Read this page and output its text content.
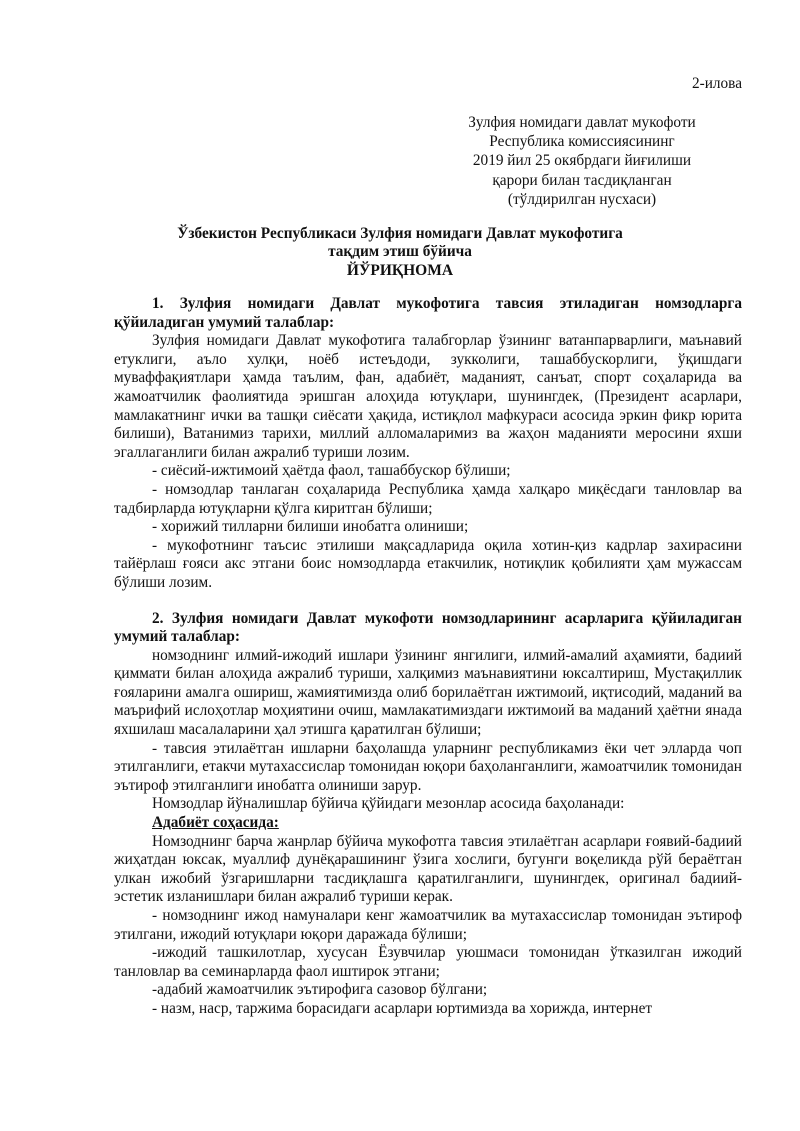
2-илова
Зулфия номидаги давлат мукофоти
Республика комиссиясининг
2019 йил 25 окябрдаги йиғилиши
қарори билан тасдиқланган
(тўлдирилган нусхаси)
Ўзбекистон Республикаси Зулфия номидаги Давлат мукофотига
тақдим этиш бўйича
ЙЎРИҚНОМА

1. Зулфия номидаги Давлат мукофотига тавсия этиладиган номзодларга қўйиладиган умумий талаблар:

Зулфия номидаги Давлат мукофотига талабгорлар ўзининг ватанпарварлиги, маънавий етуклиги, аъло хулқи, ноёб истеъдоди, зукколиги, ташаббускорлиги, ўқишдаги муваффақиятлари ҳамда таълим, фан, адабиёт, маданият, санъат, спорт соҳаларида ва жамоатчилик фаолиятида эришган алоҳида ютуқлари, шунингдек, (Президент асарлари, мамлакатнинг ички ва ташқи сиёсати ҳақида, истиқлол мафкураси асосида эркин фикр юрита билиши), Ватанимиз тарихи, миллий алломаларимиз ва жаҳон маданияти меросини яхши эгаллаганлиги билан ажралиб туриши лозим.

- сиёсий-ижтимоий ҳаётда фаол, ташаббускор бўлиши;

- номзодлар танлаган соҳаларида Республика ҳамда халқаро миқёсдаги танловлар ва тадбирларда ютуқларни қўлга киритган бўлиши;

- хорижий тилларни билиши инобатга олиниши;

- мукофотнинг таъсис этилиши мақсадларида оқила хотин-қиз кадрлар захирасини тайёрлаш ғояси акс этгани боис номзодларда етакчилик, нотиқлик қобилияти ҳам мужассам бўлиши лозим.

2. Зулфия номидаги Давлат мукофоти номзодларининг асарларига қўйиладиган умумий талаблар:

номзоднинг илмий-ижодий ишлари ўзининг янгилиги, илмий-амалий аҳамияти, бадиий қиммати билан алоҳида ажралиб туриши, халқимиз маънавиятини юксалтириш, Мустақиллик ғояларини амалга ошириш, жамиятимизда олиб борилаётган ижтимоий, иқтисодий, маданий ва маърифий ислоҳотлар моҳиятини очиш, мамлакатимиздаги ижтимоий ва маданий ҳаётни янада яхшилаш масалаларини ҳал этишга қаратилган бўлиши;

- тавсия этилаётган ишларни баҳолашда уларнинг республикамиз ёки чет элларда чоп этилганлиги, етакчи мутахассислар томонидан юқори баҳоланганлиги, жамоатчилик томонидан эътироф этилганлиги инобатга олиниши зарур.

Номзодлар йўналишлар бўйича қўйидаги мезонлар асосида баҳоланади:

Адабиёт соҳасида:

Номзоднинг барча жанрлар бўйича мукофотга тавсия этилаётган асарлари ғоявий-бадиий жиҳатдан юксак, муаллиф дунёқарашининг ўзига хослиги, бугунги воқеликда рўй бераётган улкан ижобий ўзгаришларни тасдиқлашга қаратилганлиги, шунингдек, оригинал бадиий-эстетик изланишлари билан ажралиб туриши керак.

- номзоднинг ижод намуналари кенг жамоатчилик ва мутахассислар томонидан эътироф этилгани, ижодий ютуқлари юқори даражада бўлиши;

-ижодий ташкилотлар, хусусан Ёзувчилар уюшмаси томонидан ўтказилган ижодий танловлар ва семинарларда фаол иштирок этгани;

-адабий жамоатчилик эътирофига сазовор бўлгани;

- назм, наср, таржима борасидаги асарлари юртимизда ва хорижда, интернет
